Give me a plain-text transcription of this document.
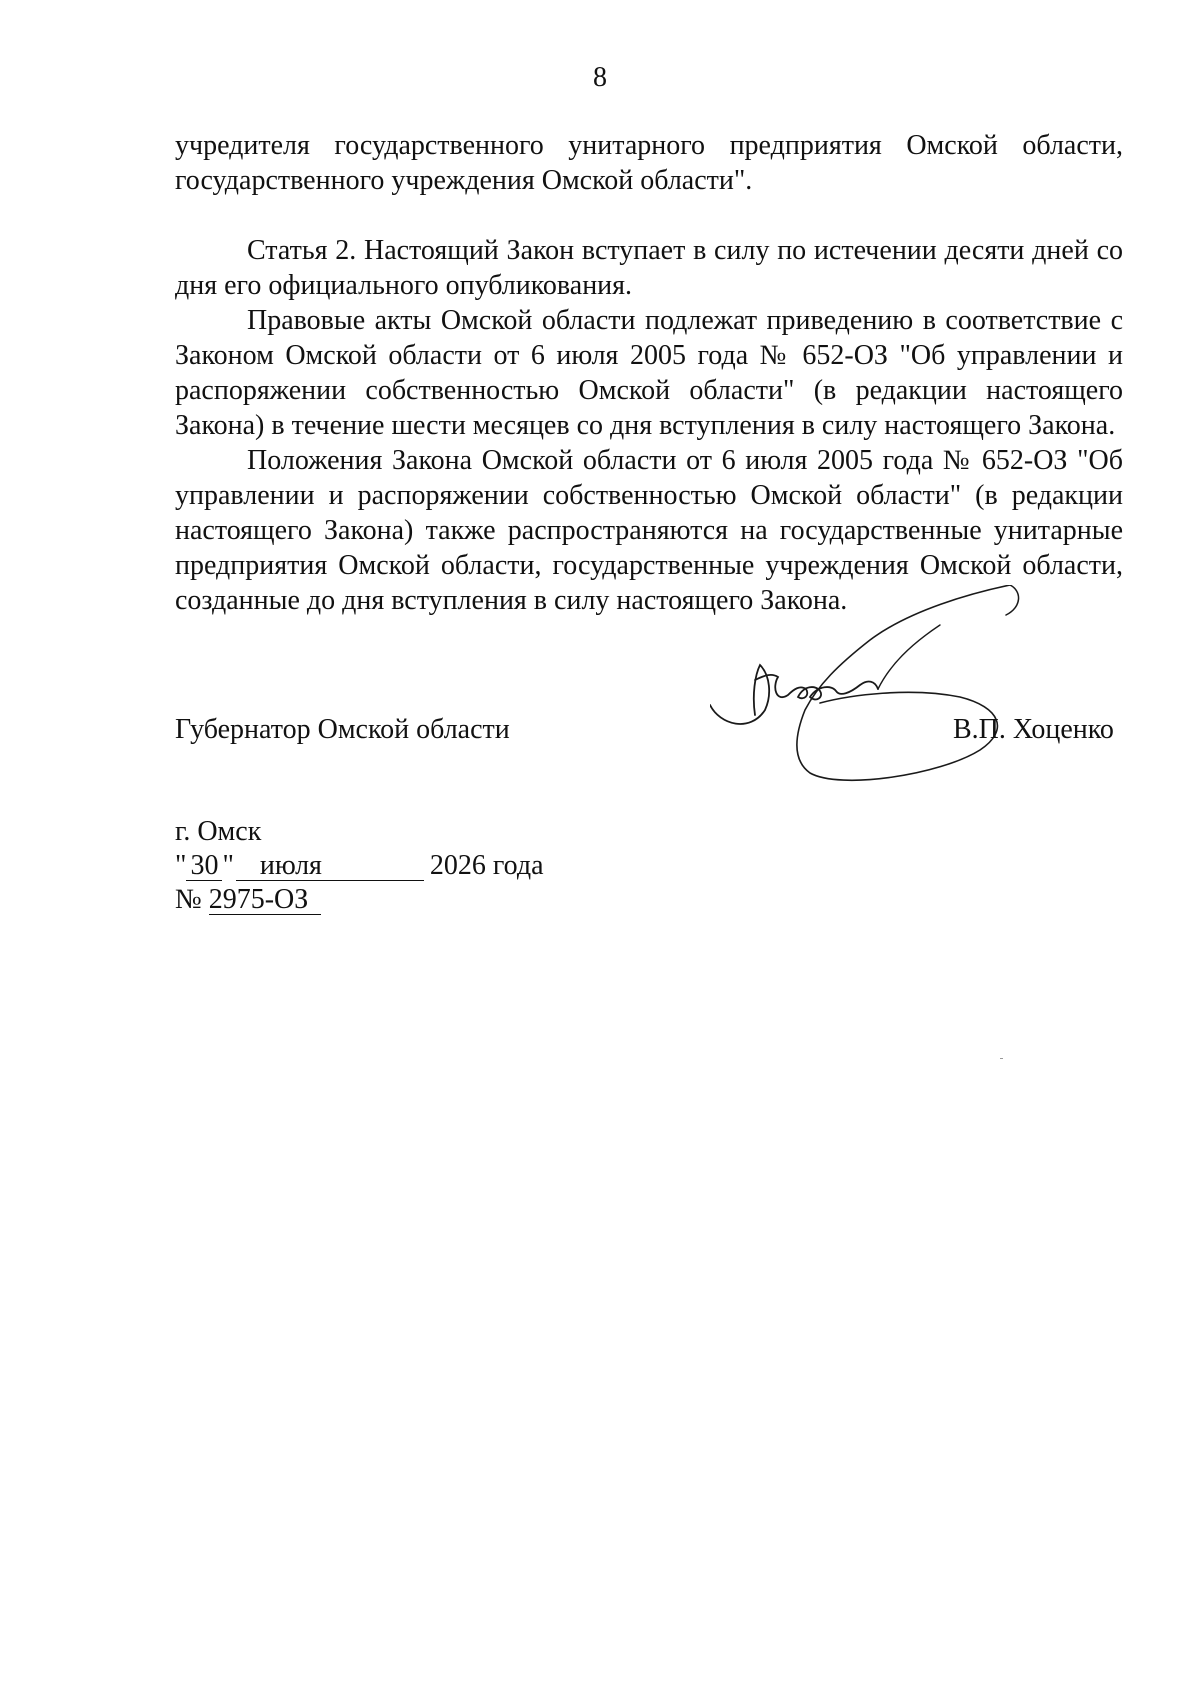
8

учредителя государственного унитарного предприятия Омской области, государственного учреждения Омской области".

Статья 2. Настоящий Закон вступает в силу по истечении десяти дней со дня его официального опубликования.

Правовые акты Омской области подлежат приведению в соответствие с Законом Омской области от 6 июля 2005 года № 652-ОЗ "Об управлении и распоряжении собственностью Омской области" (в редакции настоящего Закона) в течение шести месяцев со дня вступления в силу настоящего Закона.

Положения Закона Омской области от 6 июля 2005 года № 652-ОЗ "Об управлении и распоряжении собственностью Омской области" (в редакции настоящего Закона) также распространяются на государственные унитарные предприятия Омской области, государственные учреждения Омской области, созданные до дня вступления в силу настоящего Закона.

Губернатор Омской области	В.П. Хоценко
г. Омск
" 30 " июля	2026 года
№ 2975-ОЗ
